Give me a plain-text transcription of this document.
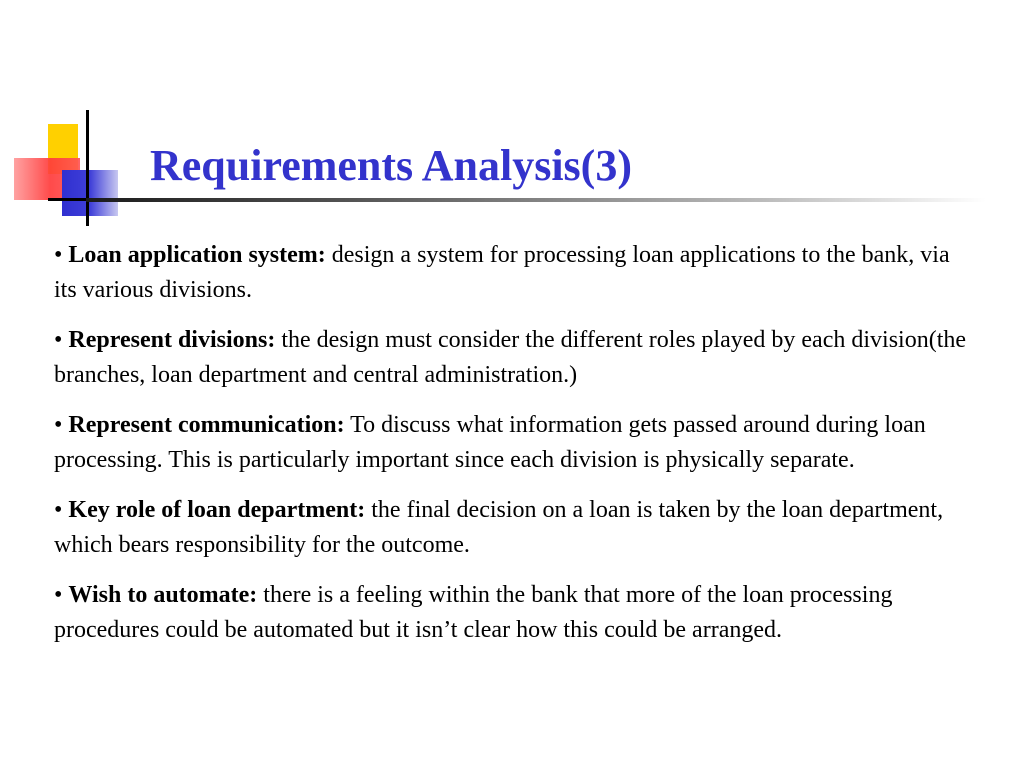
Requirements Analysis(3)

• Loan application system: design a system for processing loan applications to the bank, via its various divisions.

• Represent divisions: the design must consider the different roles played by each division(the branches, loan department and central administration.)

• Represent communication: To discuss what information gets passed around during loan processing. This is particularly important since each division is physically separate.

• Key role of loan department: the final decision on a loan is taken by the loan department, which bears responsibility for the outcome.

• Wish to automate: there is a feeling within the bank that more of the loan processing procedures could be automated but it isn’t clear how this could be arranged.
